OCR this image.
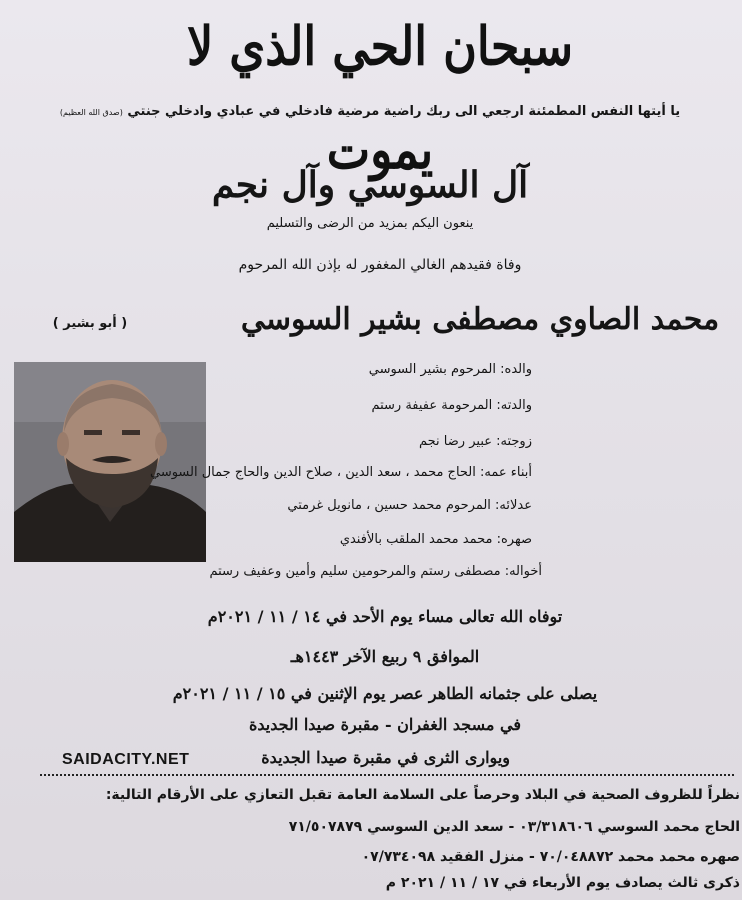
سبحان الحي الذي لا يموت
يا أيتها النفس المطمئنة ارجعي الى ربك راضية مرضية فادخلي في عبادي وادخلي جنتي (صدق الله العظيم)
آل السوسي وآل نجم
ينعون اليكم بمزيد من الرضى والتسليم
وفاة فقيدهم الغالي المغفور له بإذن الله المرحوم
محمد الصاوي مصطفى بشير السوسي
( أبو بشير )
والده: المرحوم بشير السوسي
والدته: المرحومة عفيفة رستم
زوجته: عبير رضا نجم
أبناء عمه: الحاج محمد ، سعد الدين ، صلاح الدين والحاج جمال السوسي
عدلائه: المرحوم محمد حسين ، مانويل غرمتي
صهره: محمد محمد الملقب بالأفندي
أخواله: مصطفى رستم والمرحومين سليم وأمين وعفيف رستم
توفاه الله تعالى مساء يوم الأحد في ١٤ / ١١ / ٢٠٢١م
الموافق ٩ ربيع الآخر ١٤٤٣هـ
يصلى على جثمانه الطاهر عصر يوم الإثنين في ١٥ / ١١ / ٢٠٢١م
في مسجد الغفران - مقبرة صيدا الجديدة
ويوارى الثرى في مقبرة صيدا الجديدة
SAIDACITY.NET
نظراً للظروف الصحية في البلاد وحرصاً على السلامة العامة تقبل التعازي على الأرقام التالية:
الحاج محمد السوسي ٠٣/٣١٨٦٠٦ - سعد الدين السوسي ٧١/٥٠٧٨٧٩
صهره محمد محمد ٧٠/٠٤٨٨٧٢ - منزل الفقيد ٠٧/٧٣٤٠٩٨
ذكرى ثالث يصادف يوم الأربعاء في ١٧ / ١١ / ٢٠٢١ م
